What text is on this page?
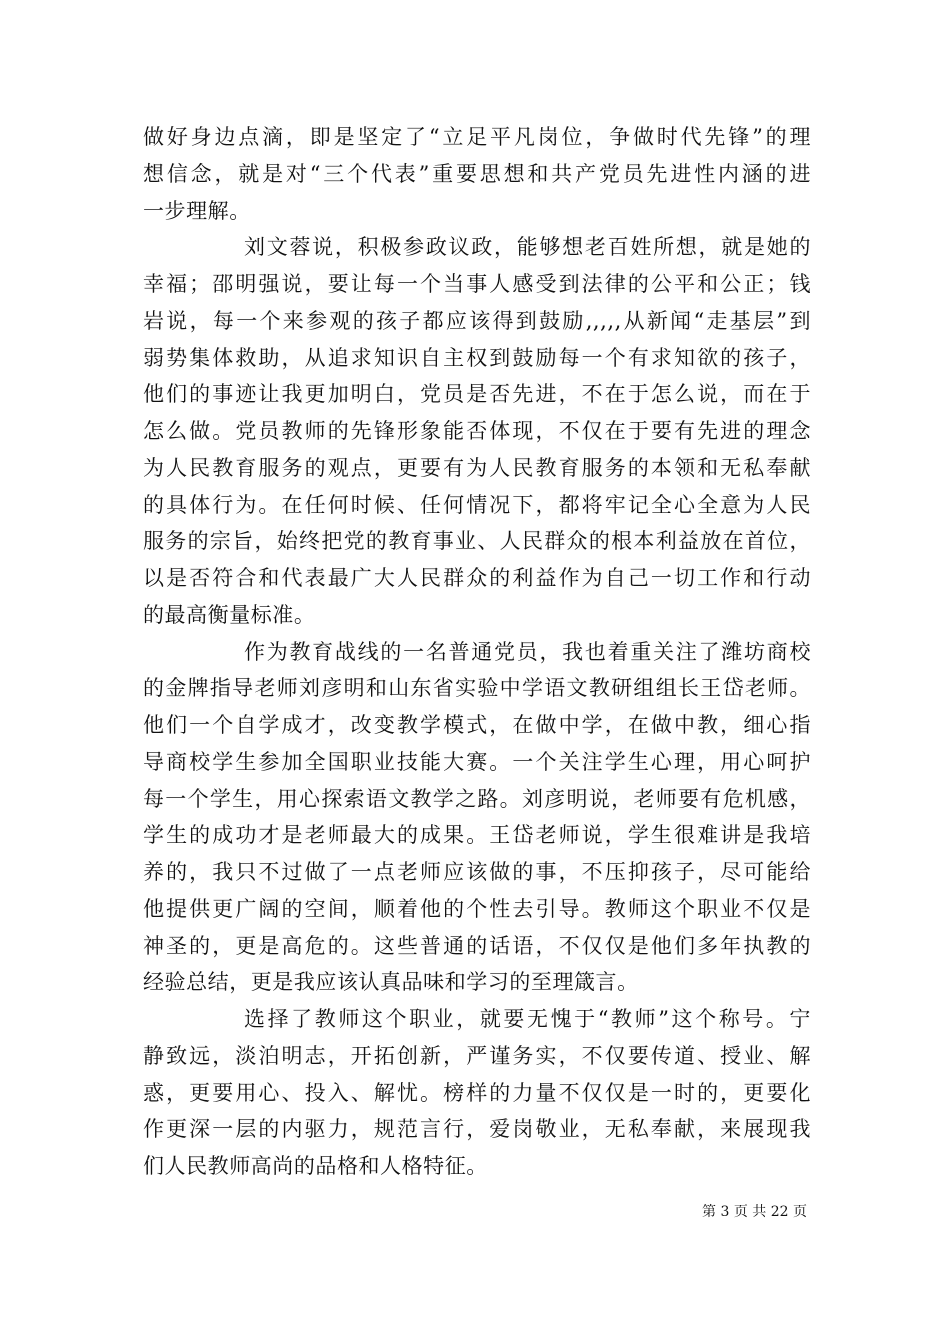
做好身边点滴，即是坚定了“立足平凡岗位，争做时代先锋”的理
想信念，就是对“三个代表”重要思想和共产党员先进性内涵的进
一步理解。
刘文蓉说，积极参政议政，能够想老百姓所想，就是她的
幸福；邵明强说，要让每一个当事人感受到法律的公平和公正；钱
岩说，每一个来参观的孩子都应该得到鼓励,,,,,从新闻“走基层”到
弱势集体救助，从追求知识自主权到鼓励每一个有求知欲的孩子，
他们的事迹让我更加明白，党员是否先进，不在于怎么说，而在于
怎么做。党员教师的先锋形象能否体现，不仅在于要有先进的理念
为人民教育服务的观点，更要有为人民教育服务的本领和无私奉献
的具体行为。在任何时候、任何情况下，都将牢记全心全意为人民
服务的宗旨，始终把党的教育事业、人民群众的根本利益放在首位，
以是否符合和代表最广大人民群众的利益作为自己一切工作和行动
的最高衡量标准。
作为教育战线的一名普通党员，我也着重关注了潍坊商校
的金牌指导老师刘彦明和山东省实验中学语文教研组组长王岱老师。
他们一个自学成才，改变教学模式，在做中学，在做中教，细心指
导商校学生参加全国职业技能大赛。一个关注学生心理，用心呵护
每一个学生，用心探索语文教学之路。刘彦明说，老师要有危机感，
学生的成功才是老师最大的成果。王岱老师说，学生很难讲是我培
养的，我只不过做了一点老师应该做的事，不压抑孩子，尽可能给
他提供更广阔的空间，顺着他的个性去引导。教师这个职业不仅是
神圣的，更是高危的。这些普通的话语，不仅仅是他们多年执教的
经验总结，更是我应该认真品味和学习的至理箴言。
选择了教师这个职业，就要无愧于“教师”这个称号。宁
静致远，淡泊明志，开拓创新，严谨务实，不仅要传道、授业、解
惑，更要用心、投入、解忧。榜样的力量不仅仅是一时的，更要化
作更深一层的内驱力，规范言行，爱岗敬业，无私奉献，来展现我
们人民教师高尚的品格和人格特征。
第 3 页 共 22 页
